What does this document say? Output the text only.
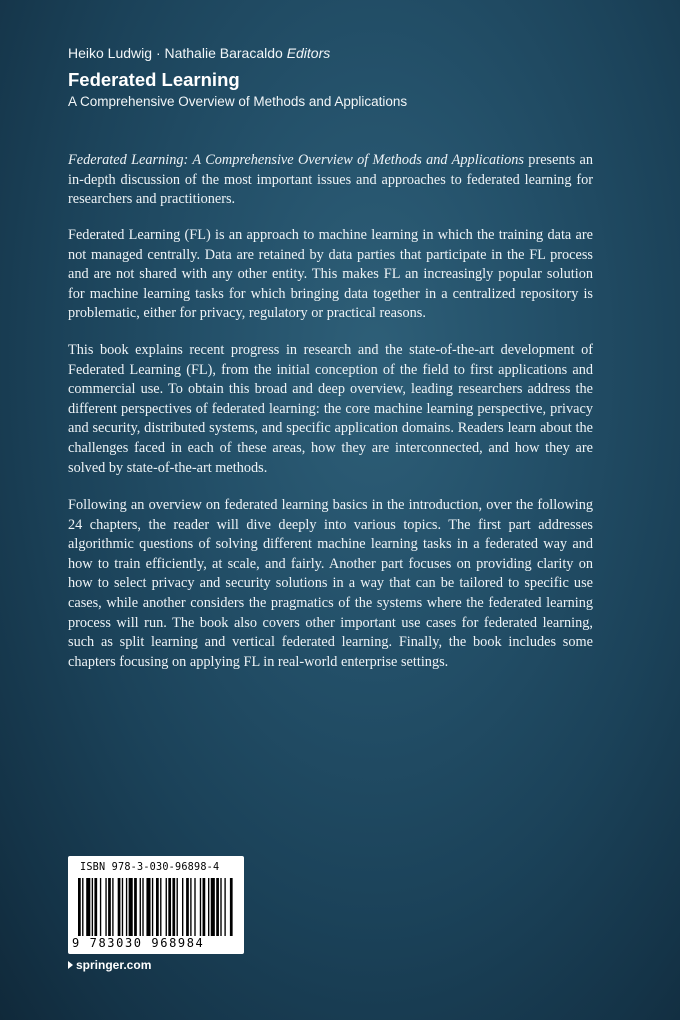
Heiko Ludwig · Nathalie Baracaldo Editors
Federated Learning
A Comprehensive Overview of Methods and Applications

Federated Learning: A Comprehensive Overview of Methods and Applications presents an in-depth discussion of the most important issues and approaches to federated learning for researchers and practitioners.

Federated Learning (FL) is an approach to machine learning in which the training data are not managed centrally. Data are retained by data parties that participate in the FL process and are not shared with any other entity. This makes FL an increasingly popular solution for machine learning tasks for which bringing data together in a centralized repository is problematic, either for privacy, regulatory or practical reasons.

This book explains recent progress in research and the state-of-the-art development of Federated Learning (FL), from the initial conception of the field to first applications and commercial use. To obtain this broad and deep overview, leading researchers address the different perspectives of federated learning: the core machine learning perspective, privacy and security, distributed systems, and specific application domains. Readers learn about the challenges faced in each of these areas, how they are interconnected, and how they are solved by state-of-the-art methods.

Following an overview on federated learning basics in the introduction, over the following 24 chapters, the reader will dive deeply into various topics. The first part addresses algorithmic questions of solving different machine learning tasks in a federated way and how to train efficiently, at scale, and fairly. Another part focuses on providing clarity on how to select privacy and security solutions in a way that can be tailored to specific use cases, while another considers the pragmatics of the systems where the federated learning process will run. The book also covers other important use cases for federated learning, such as split learning and vertical federated learning. Finally, the book includes some chapters focusing on applying FL in real-world enterprise settings.

ISBN 978-3-030-96898-4
9 783030 968984
springer.com
